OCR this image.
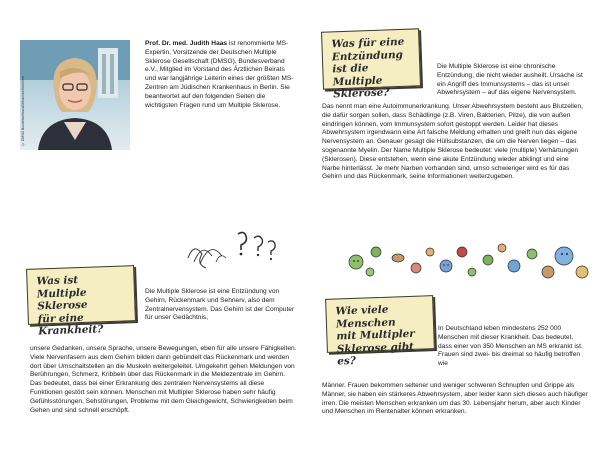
© DMSG Bundesverband/Johannes Kirchherr
Prof. Dr. med. Judith Haas ist renommierte MS-Expertin, Vorsitzende der Deutschen Multiple Sklerose Gesellschaft (DMSG), Bundesverband e.V., Mitglied im Vorstand des Ärztlichen Beirats und war langjährige Leiterin eines der größten MS-Zentren am Jüdischen Krankenhaus in Berlin. Sie beantwortet auf den folgenden Seiten die wichtigsten Fragen rund um Multiple Sklerose.
Was für eine
Entzündung ist die
Multiple Sklerose?
Die Multiple Sklerose ist eine chronische Entzündung, die nicht wieder ausheilt. Ursache ist ein Angriff des Immunsystems – das ist unser Abwehrsystem – auf das eigene Nervensystem.
Das nennt man eine Autoimmunerkrankung. Unser Abwehrsystem besteht aus Blutzellen, die dafür sorgen sollen, dass Schädlinge (z.B. Viren, Bakterien, Pilze), die von außen eindringen können, vom Immunsystem sofort gestoppt werden. Leider hat dieses Abwehrsystem irgendwann eine Art falsche Meldung erhalten und greift nun das eigene Nervensystem an. Genauer gesagt die Hüllsubstanzen, die um die Nerven liegen – das sogenannte Myelin. Der Name Multiple Sklerose bedeutet: viele (multiple) Verhärtungen (Sklerosen). Diese entstehen, wenn eine akute Entzündung wieder abklingt und eine Narbe hinterlässt. Je mehr Narben vorhanden sind, umso schwieriger wird es für das Gehirn und das Rückenmark, seine Informationen weiterzugeben.
Was ist
Multiple Sklerose
für eine Krankheit?
Die Multiple Sklerose ist eine Entzündung von Gehirn, Rückenmark und Sehnerv, also dem Zentralnervensystem. Das Gehirn ist der Computer für unser Gedächtnis,
unsere Gedanken, unsere Sprache, unsere Bewegungen, eben für alle unsere Fähigkeiten. Viele Nervenfasern aus dem Gehirn bilden dann gebündelt das Rückenmark und werden dort über Umschaltstellen an die Muskeln weitergeleitet. Umgekehrt gehen Meldungen von Berührungen, Schmerz, Kribbeln über das Rückenmark in die Meldezentrale im Gehirn. Das bedeutet, dass bei einer Erkrankung des zentralen Nervensystems all diese Funktionen gestört sein können. Menschen mit Multipler Sklerose haben sehr häufig Gefühlsstörungen, Sehstörungen, Probleme mit dem Gleichgewicht, Schwierigkeiten beim Gehen und sind schnell erschöpft.
Wie viele Menschen
mit Multipler
Sklerose gibt es?
In Deutschland leben mindestens 252 000 Menschen mit dieser Krankheit. Das bedeutet, dass einer von 350 Menschen an MS erkrankt ist. Frauen sind zwei- bis dreimal so häufig betroffen wie
Männer. Frauen bekommen seltener und weniger schweren Schnupfen und Grippe als Männer, sie haben ein stärkeres Abwehrsystem, aber leider kann sich dieses auch häufiger irren. Die meisten Menschen erkranken um das 30. Lebensjahr herum, aber auch Kinder und Menschen im Rentenalter können erkranken.
